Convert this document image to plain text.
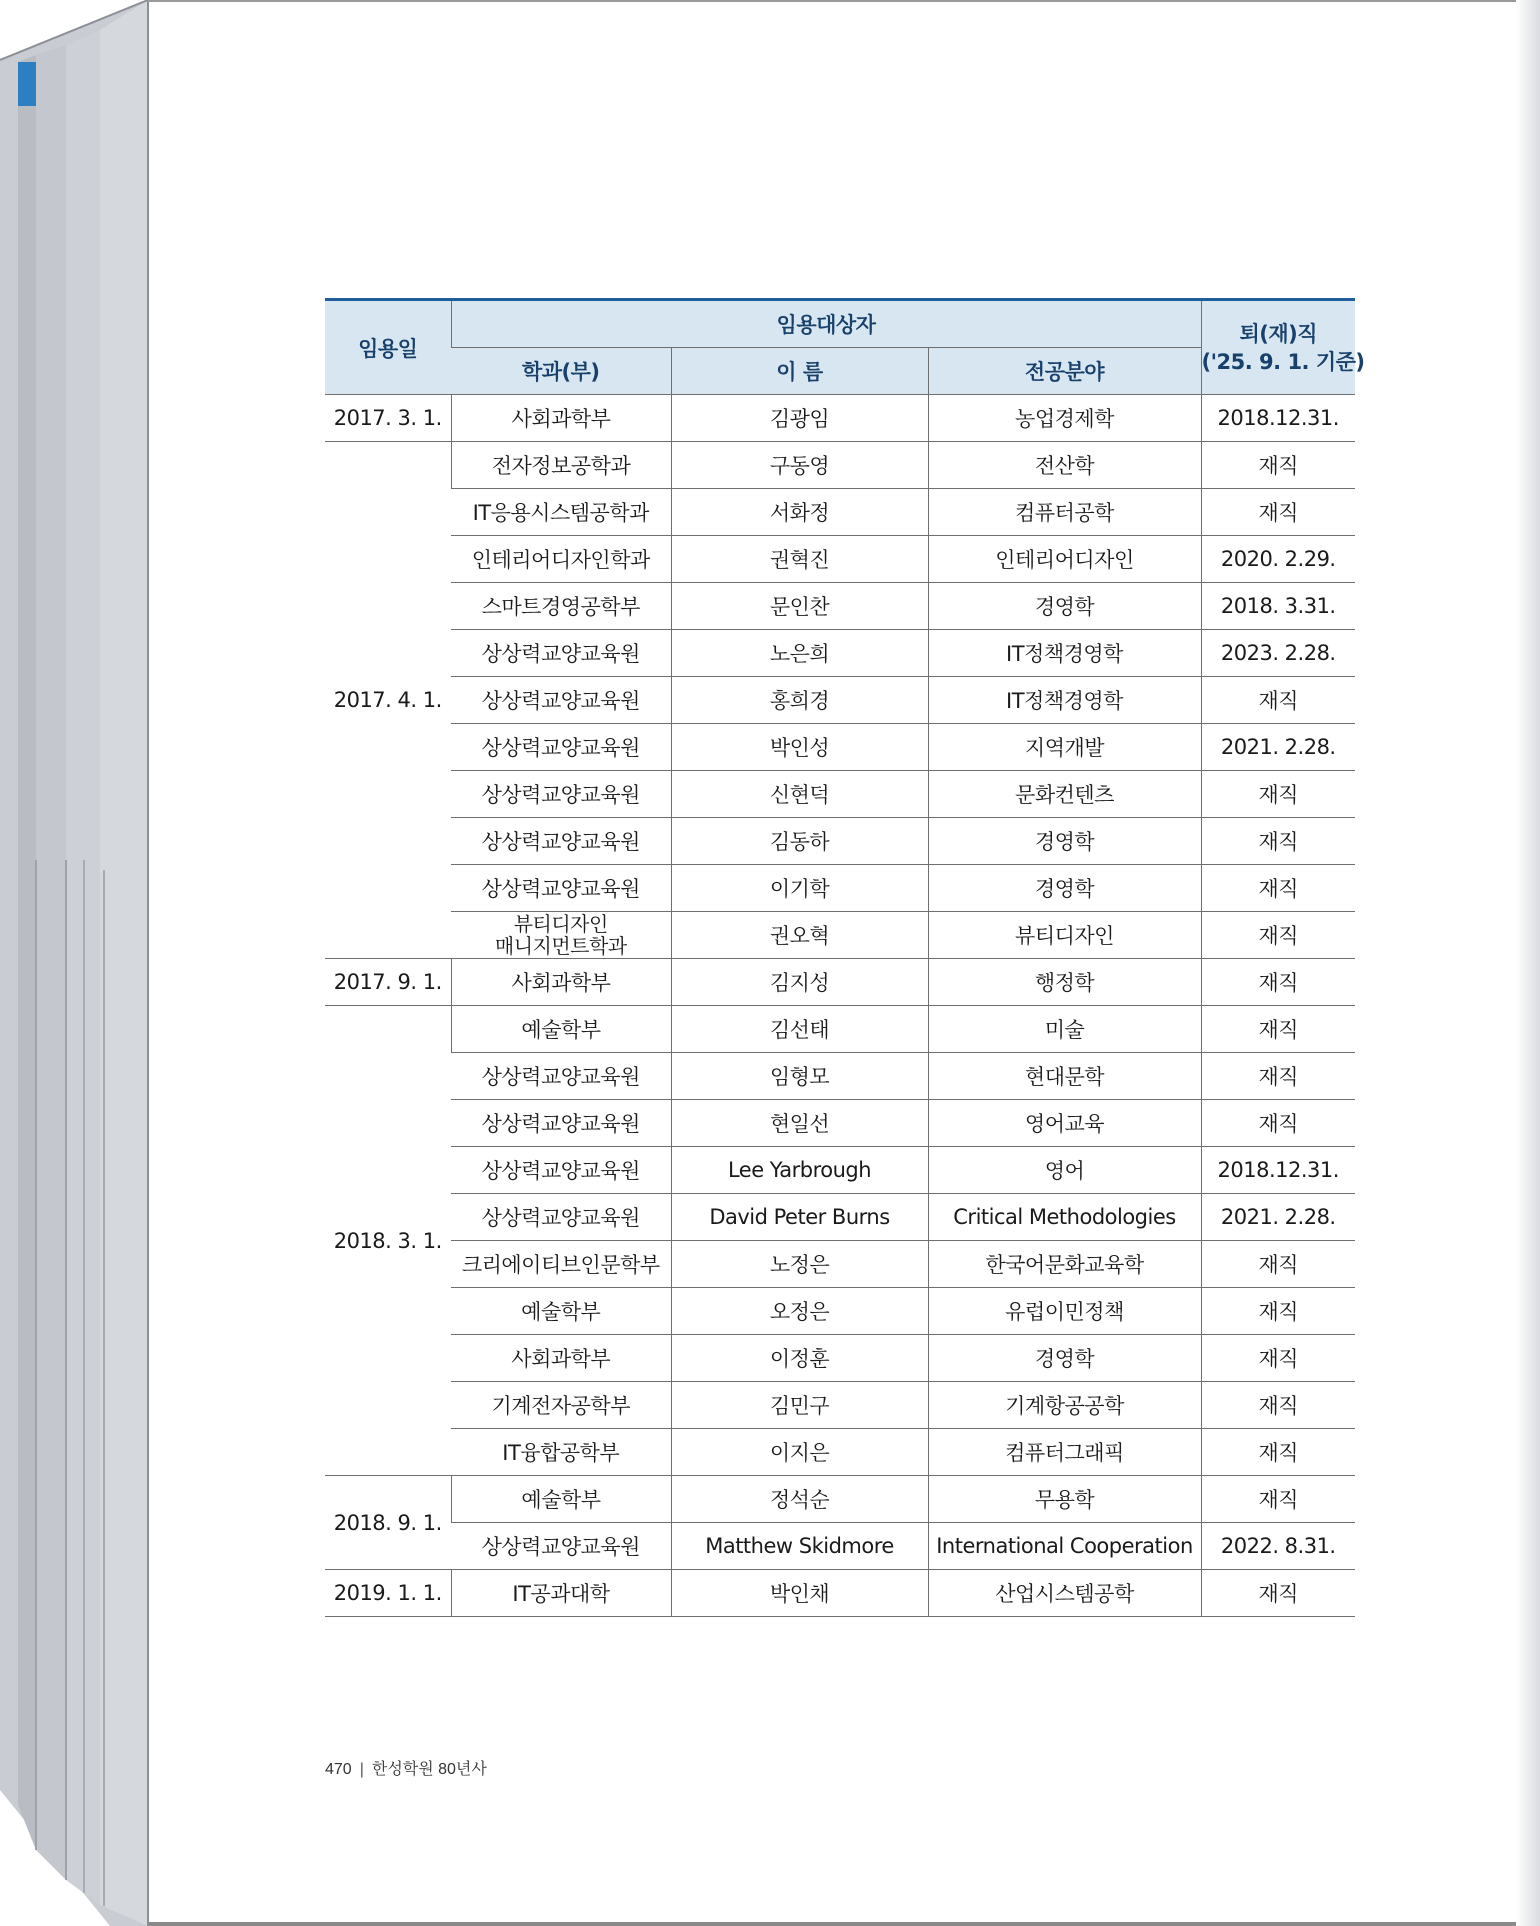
임용일	임용대상자			퇴(재)직
('25. 9. 1. 기준)
	학과(부)	이 름	전공분야	
2017. 3. 1.	사회과학부	김광임	농업경제학	2018.12.31.
2017. 4. 1.	전자정보공학과	구동영	전산학	재직
	IT응용시스템공학과	서화정	컴퓨터공학	재직
	인테리어디자인학과	권혁진	인테리어디자인	2020. 2.29.
	스마트경영공학부	문인찬	경영학	2018. 3.31.
	상상력교양교육원	노은희	IT정책경영학	2023. 2.28.
	상상력교양교육원	홍희경	IT정책경영학	재직
	상상력교양교육원	박인성	지역개발	2021. 2.28.
	상상력교양교육원	신현덕	문화컨텐츠	재직
	상상력교양교육원	김동하	경영학	재직
	상상력교양교육원	이기학	경영학	재직
	뷰티디자인
매니지먼트학과	권오혁	뷰티디자인	재직
2017. 9. 1.	사회과학부	김지성	행정학	재직
2018. 3. 1.	예술학부	김선태	미술	재직
	상상력교양교육원	임형모	현대문학	재직
	상상력교양교육원	현일선	영어교육	재직
	상상력교양교육원	Lee Yarbrough	영어	2018.12.31.
	상상력교양교육원	David Peter Burns	Critical Methodologies	2021. 2.28.
	크리에이티브인문학부	노정은	한국어문화교육학	재직
	예술학부	오정은	유럽이민정책	재직
	사회과학부	이정훈	경영학	재직
	기계전자공학부	김민구	기계항공공학	재직
	IT융합공학부	이지은	컴퓨터그래픽	재직
2018. 9. 1.	예술학부	정석순	무용학	재직
	상상력교양교육원	Matthew Skidmore	International Cooperation	2022. 8.31.
2019. 1. 1.	IT공과대학	박인채	산업시스템공학	재직
470 | 한성학원 80년사
